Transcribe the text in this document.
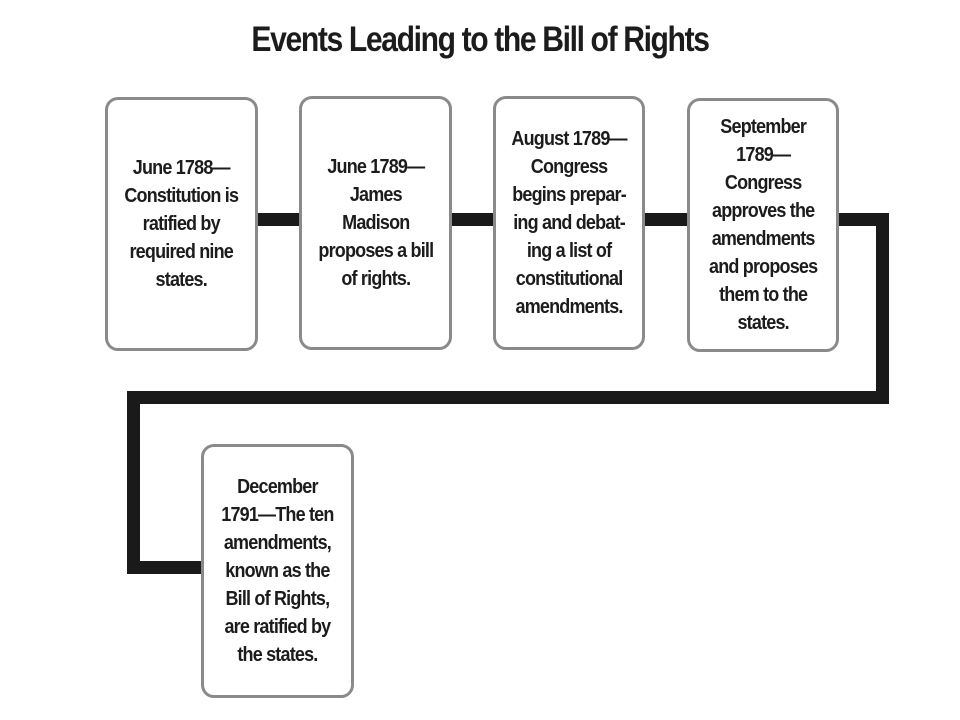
Events Leading to the Bill of Rights

June 1788—
Constitution is
ratified by
required nine
states.

June 1789—
James
Madison
proposes a bill
of rights.

August 1789—
Congress
begins prepar-
ing and debat-
ing a list of
constitutional
amendments.

September
1789—
Congress
approves the
amendments
and proposes
them to the
states.

December
1791—The ten
amendments,
known as the
Bill of Rights,
are ratified by
the states.
